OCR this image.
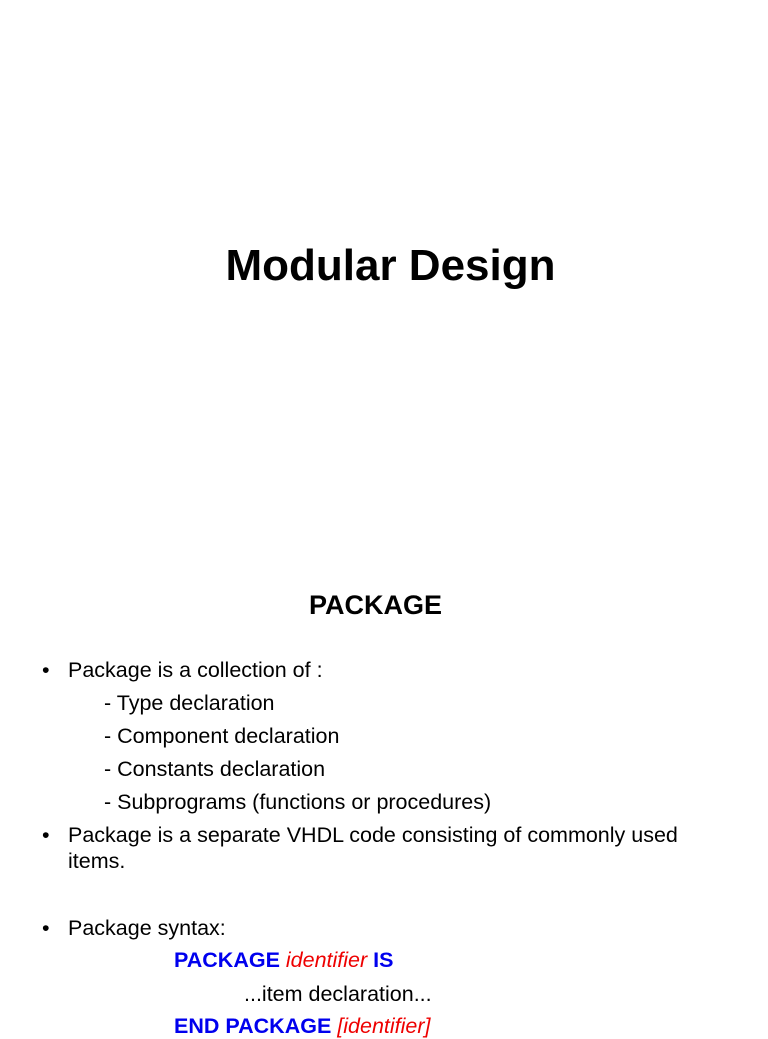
Modular Design
PACKAGE
• Package is a collection of :
- Type declaration
- Component declaration
- Constants declaration
- Subprograms (functions or procedures)
• Package is a separate VHDL code consisting of commonly used
items.
• Package syntax:
PACKAGE identifier IS
...item declaration...
END PACKAGE [identifier]
